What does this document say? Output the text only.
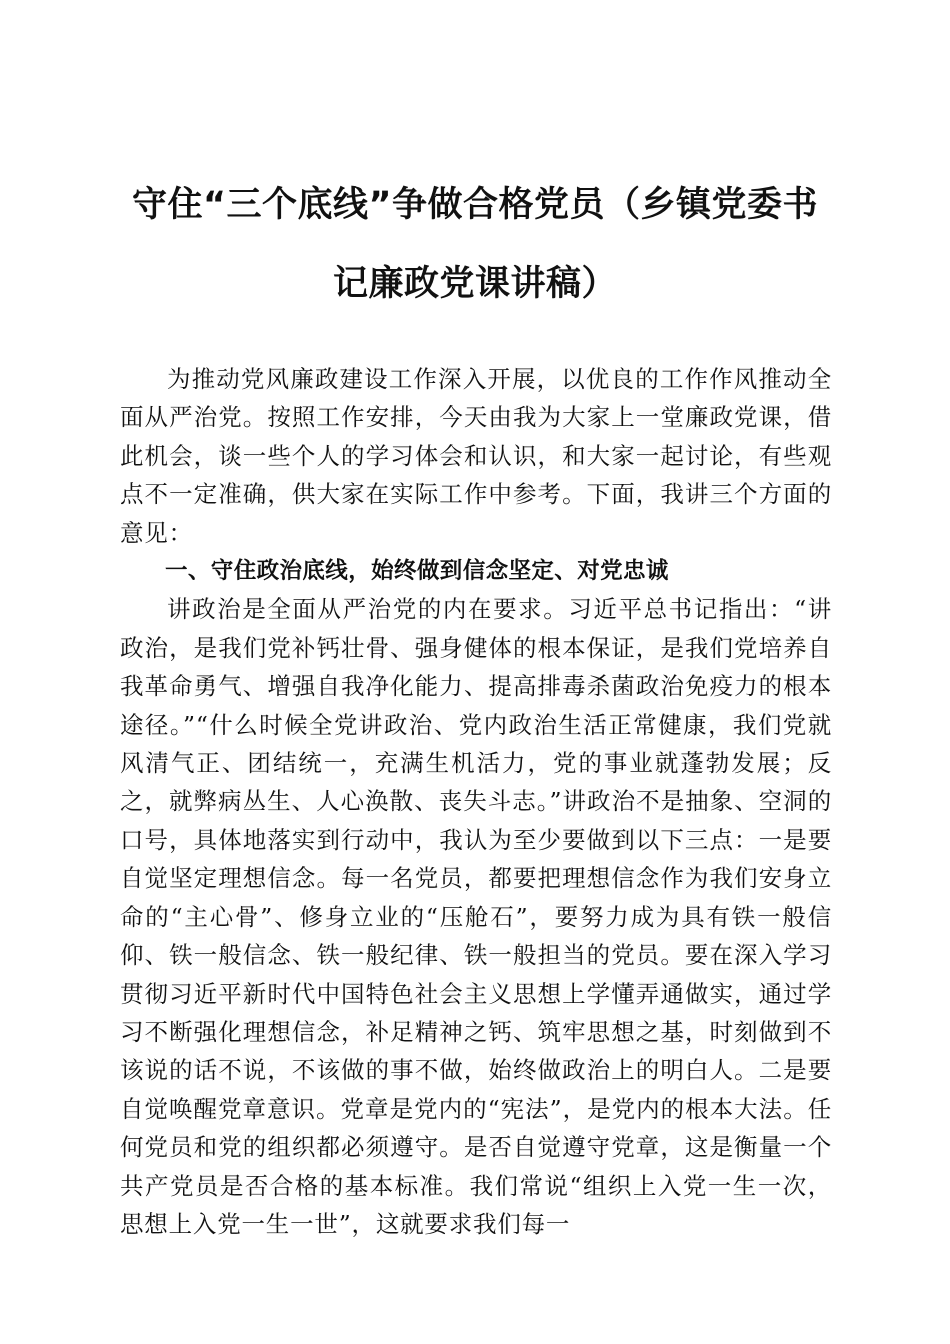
守住“三个底线”争做合格党员（乡镇党委书
记廉政党课讲稿）

为推动党风廉政建设工作深入开展，以优良的工作作风推动全面从严治党。按照工作安排，今天由我为大家上一堂廉政党课，借此机会，谈一些个人的学习体会和认识，和大家一起讨论，有些观点不一定准确，供大家在实际工作中参考。下面，我讲三个方面的意见：

一、守住政治底线，始终做到信念坚定、对党忠诚

讲政治是全面从严治党的内在要求。习近平总书记指出：“讲政治，是我们党补钙壮骨、强身健体的根本保证，是我们党培养自我革命勇气、增强自我净化能力、提高排毒杀菌政治免疫力的根本途径。”“什么时候全党讲政治、党内政治生活正常健康，我们党就风清气正、团结统一，充满生机活力，党的事业就蓬勃发展；反之，就弊病丛生、人心涣散、丧失斗志。”讲政治不是抽象、空洞的口号，具体地落实到行动中，我认为至少要做到以下三点：一是要自觉坚定理想信念。每一名党员，都要把理想信念作为我们安身立命的“主心骨”、修身立业的“压舱石”，要努力成为具有铁一般信仰、铁一般信念、铁一般纪律、铁一般担当的党员。要在深入学习贯彻习近平新时代中国特色社会主义思想上学懂弄通做实，通过学习不断强化理想信念，补足精神之钙、筑牢思想之基，时刻做到不该说的话不说，不该做的事不做，始终做政治上的明白人。二是要自觉唤醒党章意识。党章是党内的“宪法”，是党内的根本大法。任何党员和党的组织都必须遵守。是否自觉遵守党章，这是衡量一个共产党员是否合格的基本标准。我们常说“组织上入党一生一次，思想上入党一生一世”，这就要求我们每一
